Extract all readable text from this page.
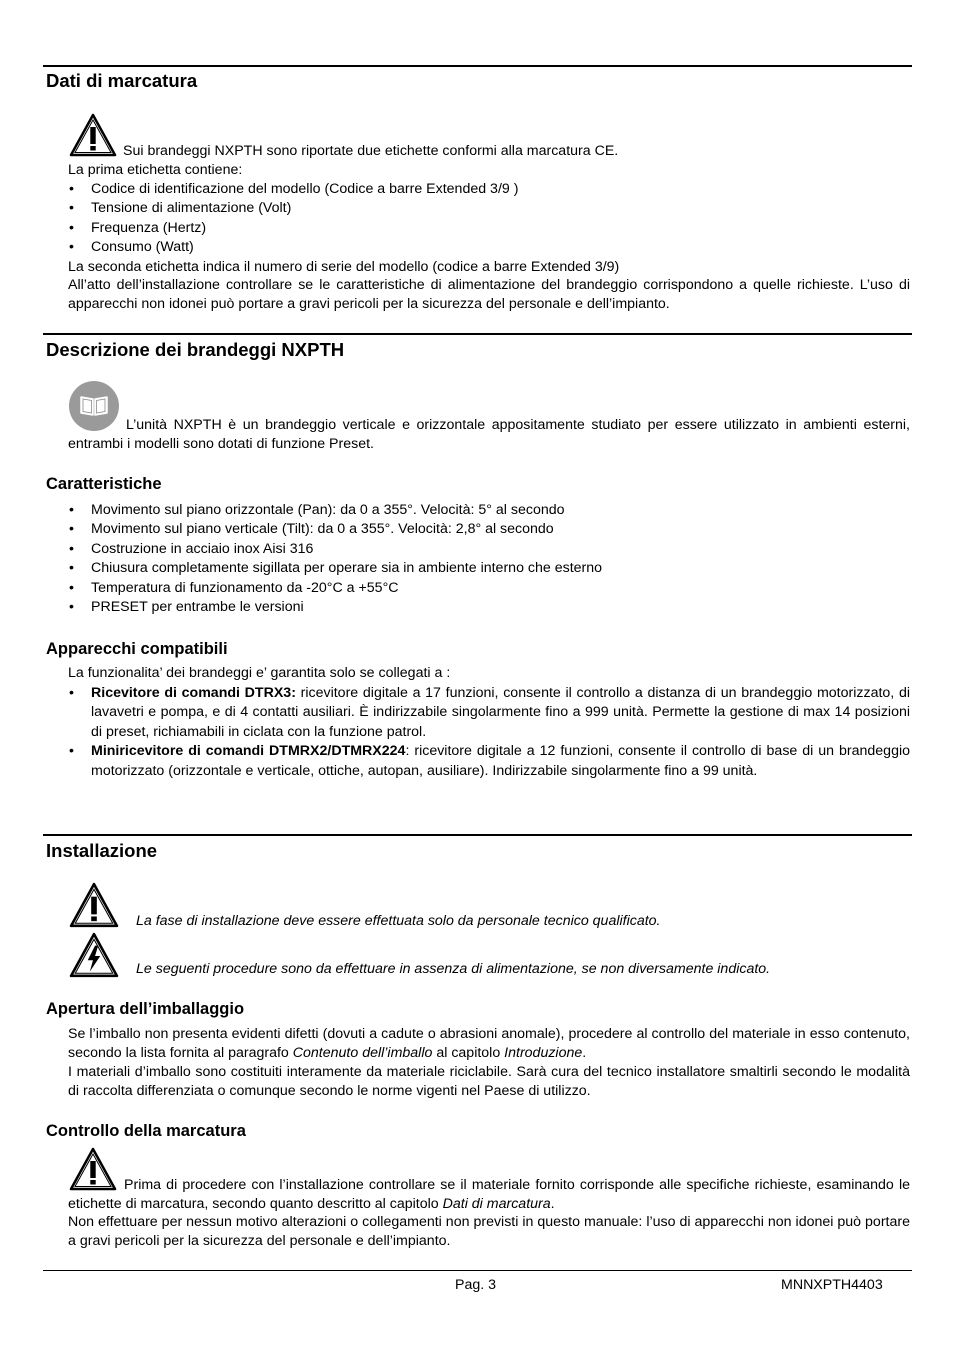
Dati di marcatura
Sui brandeggi NXPTH sono riportate due etichette conformi alla marcatura CE.
La prima etichetta contiene:
• Codice di identificazione del modello (Codice a barre Extended 3/9 )
• Tensione di alimentazione (Volt)
• Frequenza (Hertz)
• Consumo (Watt)
La seconda etichetta indica il numero di serie del modello (codice a barre Extended 3/9)
All’atto dell’installazione controllare se le caratteristiche di alimentazione del brandeggio corrispondono a quelle richieste. L’uso di apparecchi non idonei può portare a gravi pericoli per la sicurezza del personale e dell’impianto.
Descrizione dei brandeggi NXPTH
L’unità NXPTH è un brandeggio verticale e orizzontale appositamente studiato per essere utilizzato in ambienti esterni, entrambi i modelli sono dotati di funzione Preset.
Caratteristiche
• Movimento sul piano orizzontale (Pan): da 0 a 355°. Velocità: 5° al secondo
• Movimento sul piano verticale (Tilt): da 0 a 355°. Velocità: 2,8° al secondo
• Costruzione in acciaio inox Aisi 316
• Chiusura completamente sigillata per operare sia in ambiente interno che esterno
• Temperatura di funzionamento da -20°C a +55°C
• PRESET per entrambe le versioni
Apparecchi compatibili
La funzionalita’ dei brandeggi e’ garantita solo se collegati a :
• Ricevitore di comandi DTRX3: ricevitore digitale a 17 funzioni, consente il controllo a distanza di un brandeggio motorizzato, di lavavetri e pompa, e di 4 contatti ausiliari. È indirizzabile singolarmente fino a 999 unità. Permette la gestione di max 14 posizioni di preset, richiamabili in ciclata con la funzione patrol.
• Miniricevitore di comandi DTMRX2/DTMRX224: ricevitore digitale a 12 funzioni, consente il controllo di base di un brandeggio motorizzato (orizzontale e verticale, ottiche, autopan, ausiliare). Indirizzabile singolarmente fino a 99 unità.
Installazione
La fase di installazione deve essere effettuata solo da personale tecnico qualificato.
Le seguenti procedure sono da effettuare in assenza di alimentazione, se non diversamente indicato.
Apertura dell’imballaggio
Se l’imballo non presenta evidenti difetti (dovuti a cadute o abrasioni anomale), procedere al controllo del materiale in esso contenuto, secondo la lista fornita al paragrafo Contenuto dell’imballo al capitolo Introduzione.
I materiali d’imballo sono costituiti interamente da materiale riciclabile. Sarà cura del tecnico installatore smaltirli secondo le modalità di raccolta differenziata o comunque secondo le norme vigenti nel Paese di utilizzo.
Controllo della marcatura
Prima di procedere con l’installazione controllare se il materiale fornito corrisponde alle specifiche richieste, esaminando le etichette di marcatura, secondo quanto descritto al capitolo Dati di marcatura.
Non effettuare per nessun motivo alterazioni o collegamenti non previsti in questo manuale: l’uso di apparecchi non idonei può portare a gravi pericoli per la sicurezza del personale e dell’impianto.
Pag. 3	MNNXPTH4403
